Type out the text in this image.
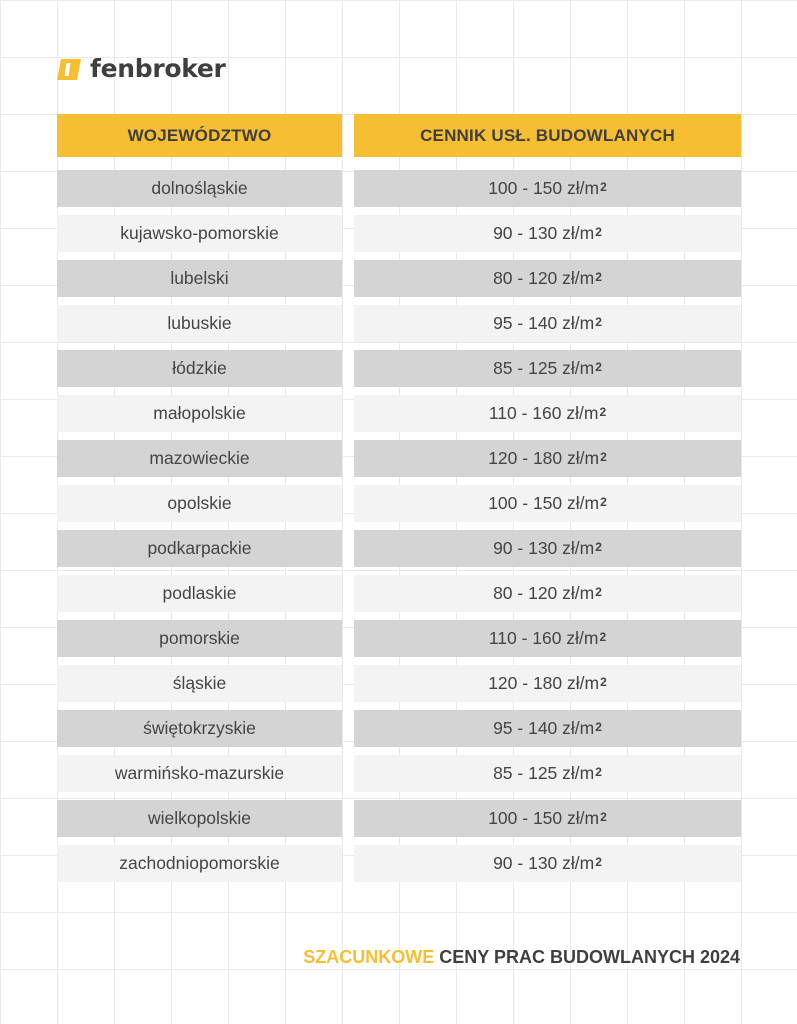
fenbroker
WOJEWÓDZTWO
dolnośląskie
kujawsko-pomorskie
lubelski
lubuskie
łódzkie
małopolskie
mazowieckie
opolskie
podkarpackie
podlaskie
pomorskie
śląskie
świętokrzyskie
warmińsko-mazurskie
wielkopolskie
zachodniopomorskie
CENNIK USŁ. BUDOWLANYCH
100 - 150 $zł/m^2$
90 - 130 $zł/m^2$
80 - 120 $zł/m^2$
95 - 140 $zł/m^2$
85 - 125 $zł/m^2$
110 - 160 $zł/m^2$
120 - 180 $zł/m^2$
100 - 150 $zł/m^2$
90 - 130 $zł/m^2$
80 - 120 $zł/m^2$
110 - 160 $zł/m^2$
120 - 180 $zł/m^2$
95 - 140 $zł/m^2$
85 - 125 $zł/m^2$
100 - 150 $zł/m^2$
90 - 130 $zł/m^2$
SZACUNKOWE CENY PRAC BUDOWLANYCH 2024
